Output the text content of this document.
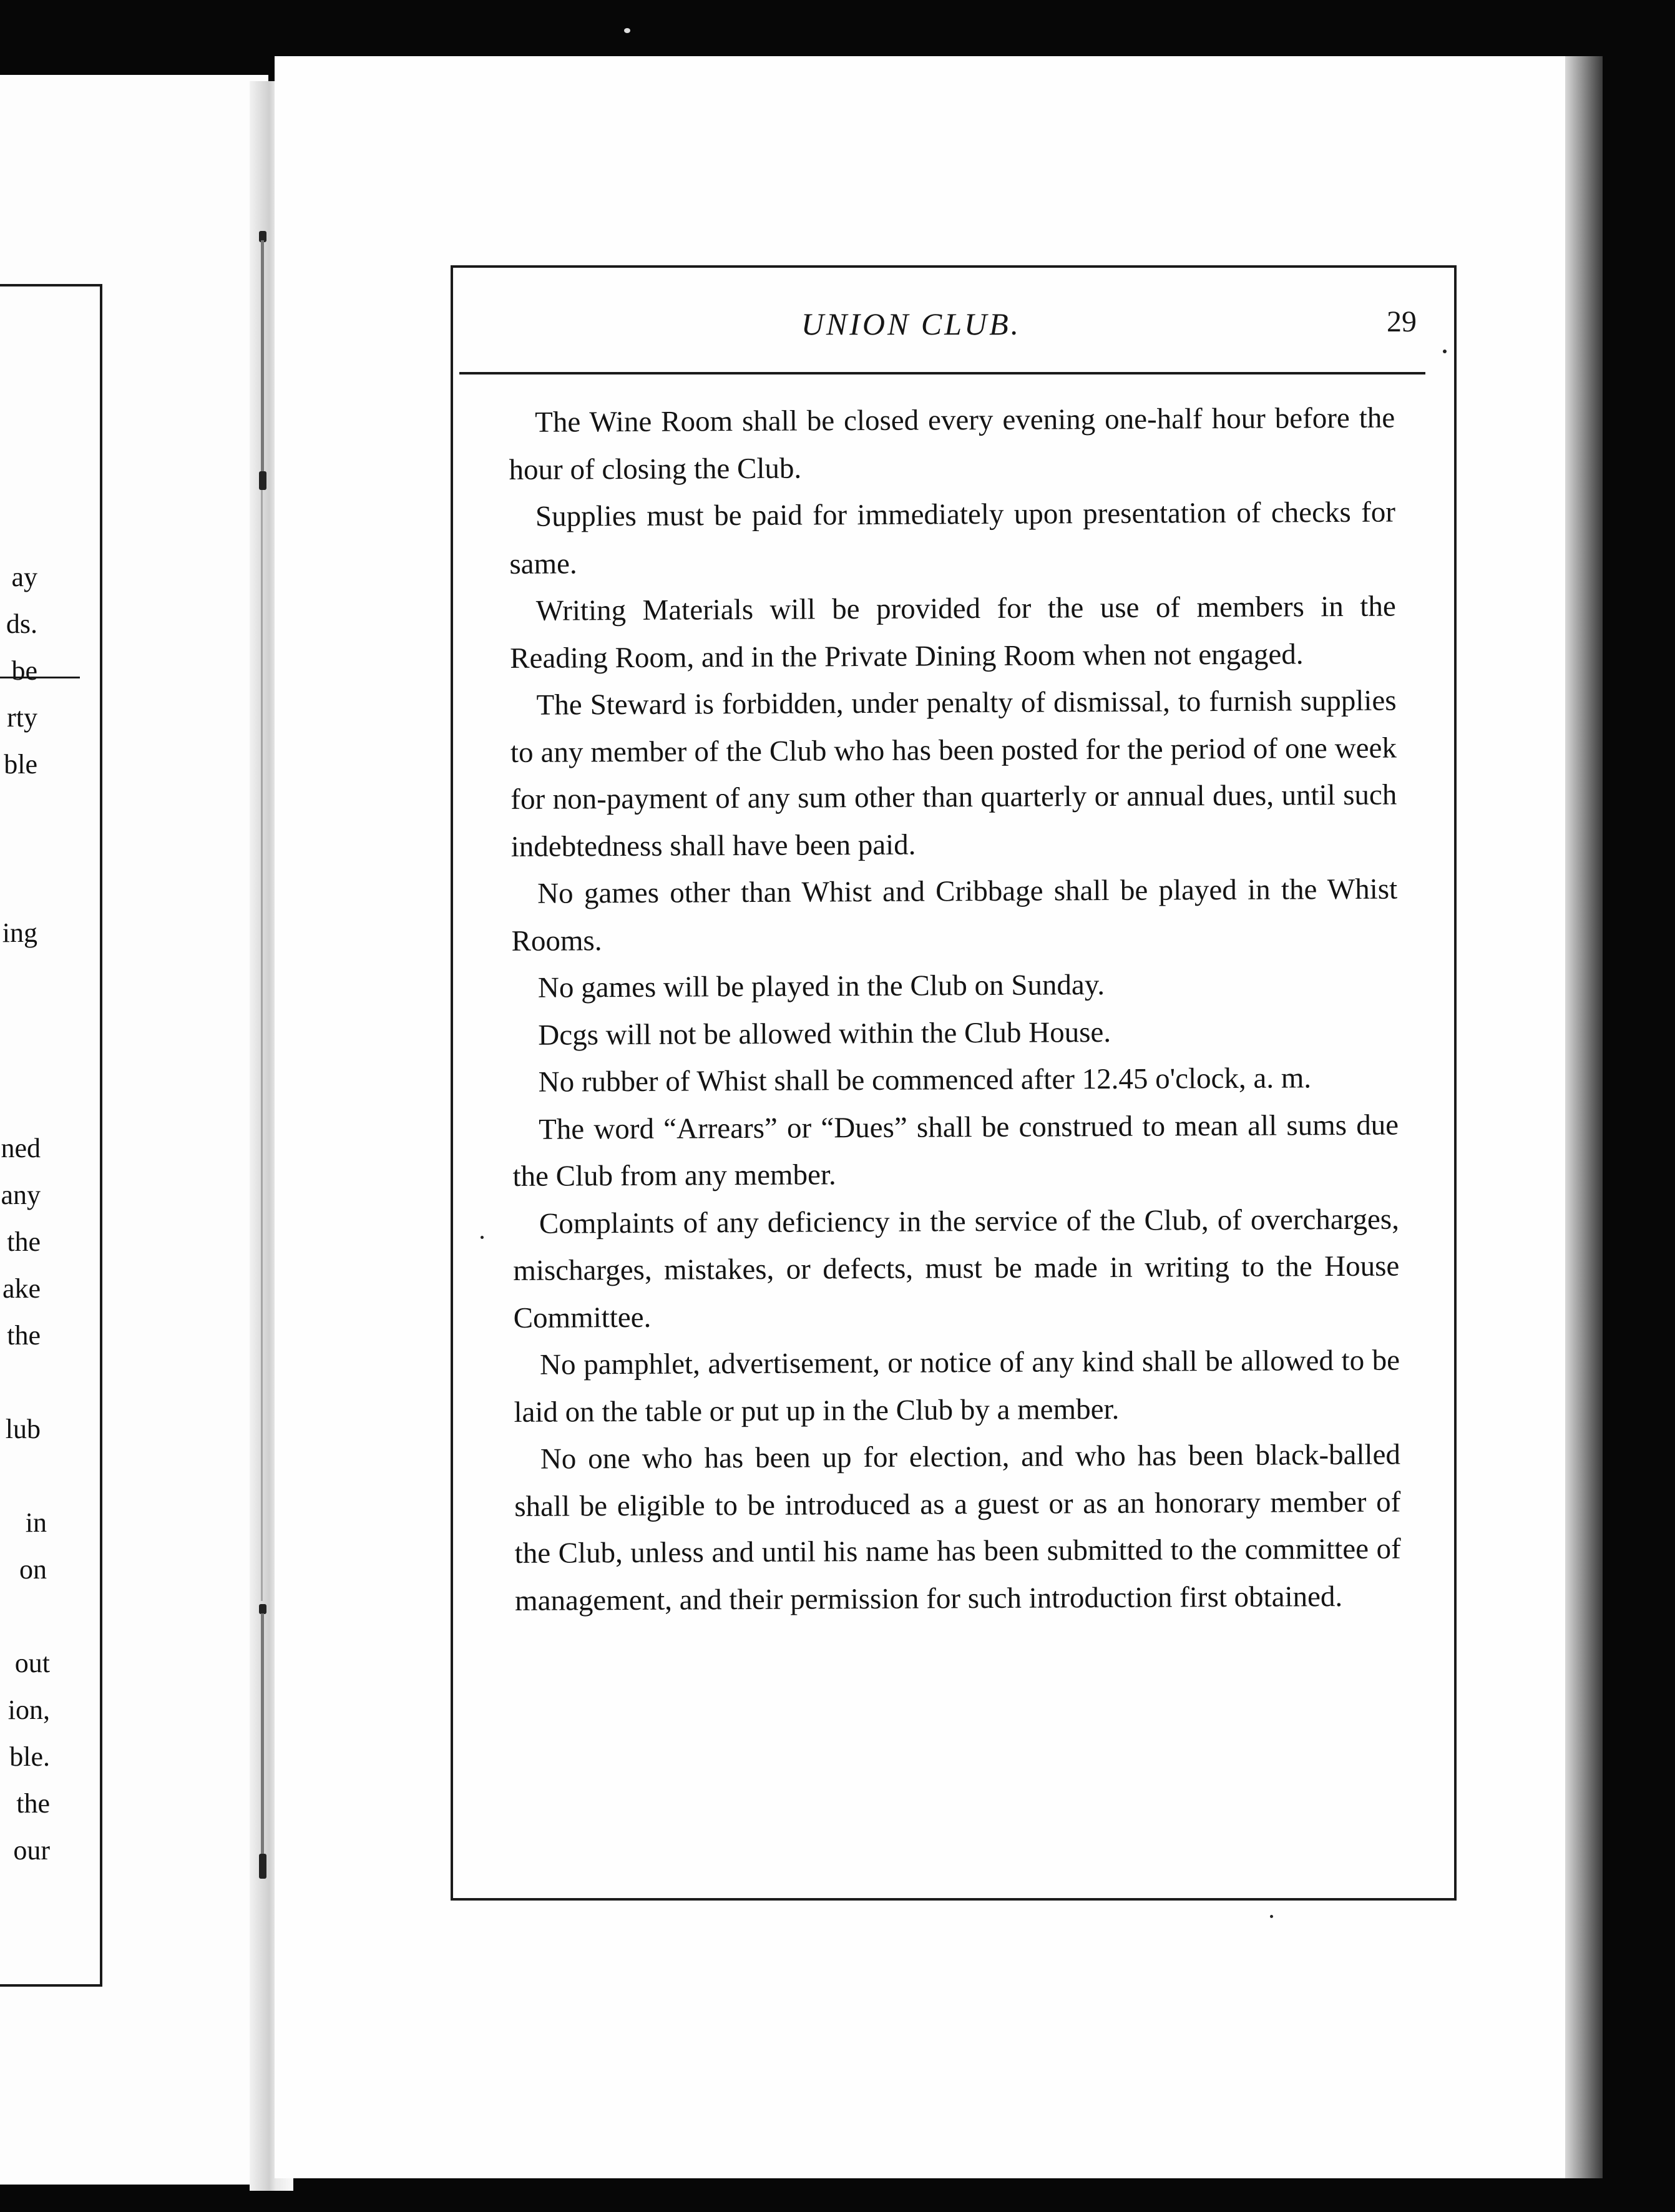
ay
ds.
be
rty
ble
ing
ned
any
the
ake
the
lub
in
on
out
ion,
ble.
the
our
UNION CLUB.	29

The Wine Room shall be closed every evening one-half hour before the hour of closing the Club.

Supplies must be paid for immediately upon presentation of checks for same.

Writing Materials will be provided for the use of members in the Reading Room, and in the Private Dining Room when not engaged.

The Steward is forbidden, under penalty of dismissal, to furnish supplies to any member of the Club who has been posted for the period of one week for non-payment of any sum other than quarterly or annual dues, until such indebtedness shall have been paid.

No games other than Whist and Cribbage shall be played in the Whist Rooms.

No games will be played in the Club on Sunday.

Dcgs will not be allowed within the Club House.

No rubber of Whist shall be commenced after 12.45 o'clock, a. m.

The word “Arrears” or “Dues” shall be construed to mean all sums due the Club from any member.

Complaints of any deficiency in the service of the Club, of overcharges, mischarges, mistakes, or defects, must be made in writing to the House Committee.

No pamphlet, advertisement, or notice of any kind shall be allowed to be laid on the table or put up in the Club by a member.

No one who has been up for election, and who has been black-balled shall be eligible to be introduced as a guest or as an honorary member of the Club, unless and until his name has been submitted to the committee of management, and their permission for such introduction first obtained.
